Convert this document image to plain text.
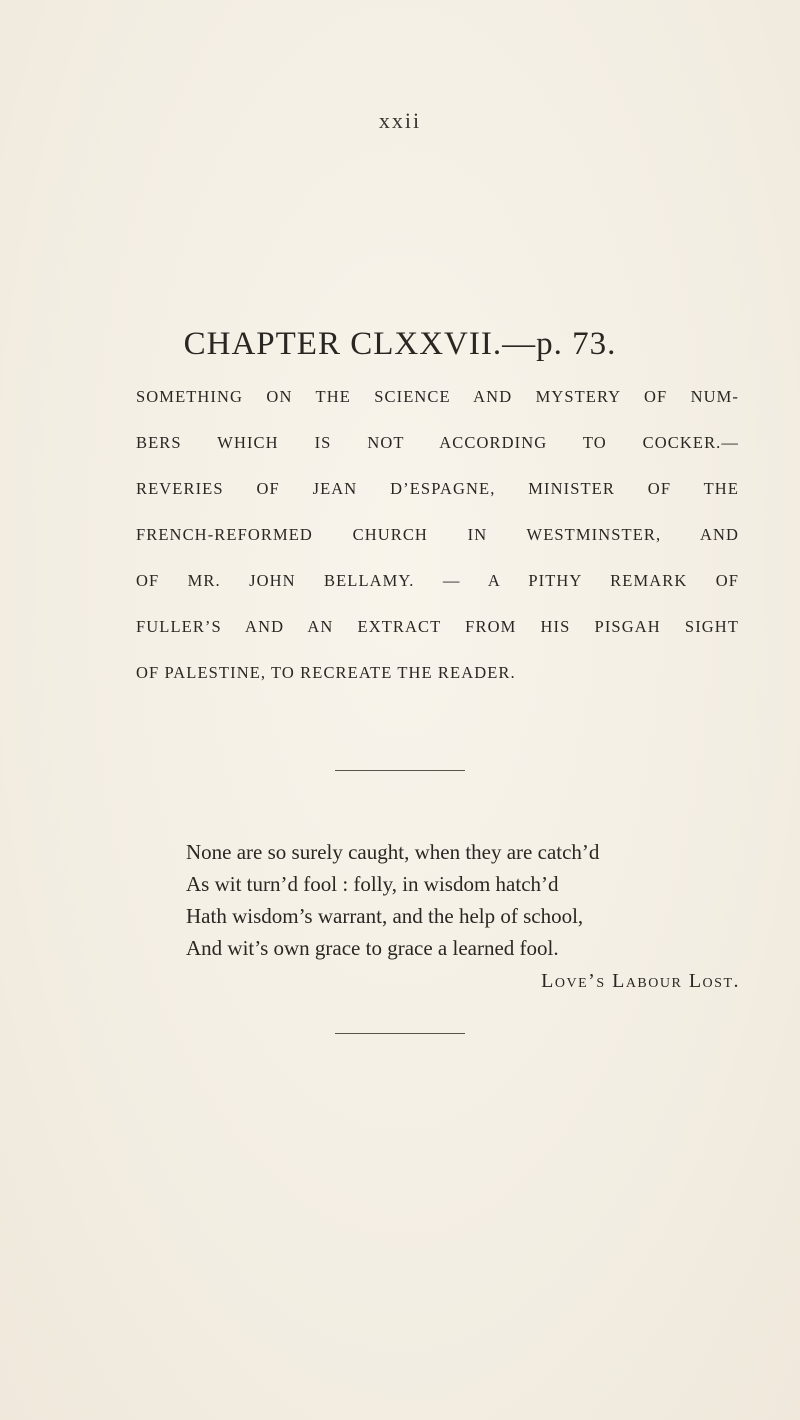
xxii
CHAPTER CLXXVII.—p. 73.
SOMETHING ON THE SCIENCE AND MYSTERY OF NUM-
BERS WHICH IS NOT ACCORDING TO COCKER.—
REVERIES OF JEAN D’ESPAGNE, MINISTER OF THE
FRENCH-REFORMED CHURCH IN WESTMINSTER, AND
OF MR. JOHN BELLAMY. — A PITHY REMARK OF
FULLER’S AND AN EXTRACT FROM HIS PISGAH SIGHT
OF PALESTINE, TO RECREATE THE READER.
None are so surely caught, when they are catch’d
As wit turn’d fool : folly, in wisdom hatch’d
Hath wisdom’s warrant, and the help of school,
And wit’s own grace to grace a learned fool.
Love’s Labour Lost.
